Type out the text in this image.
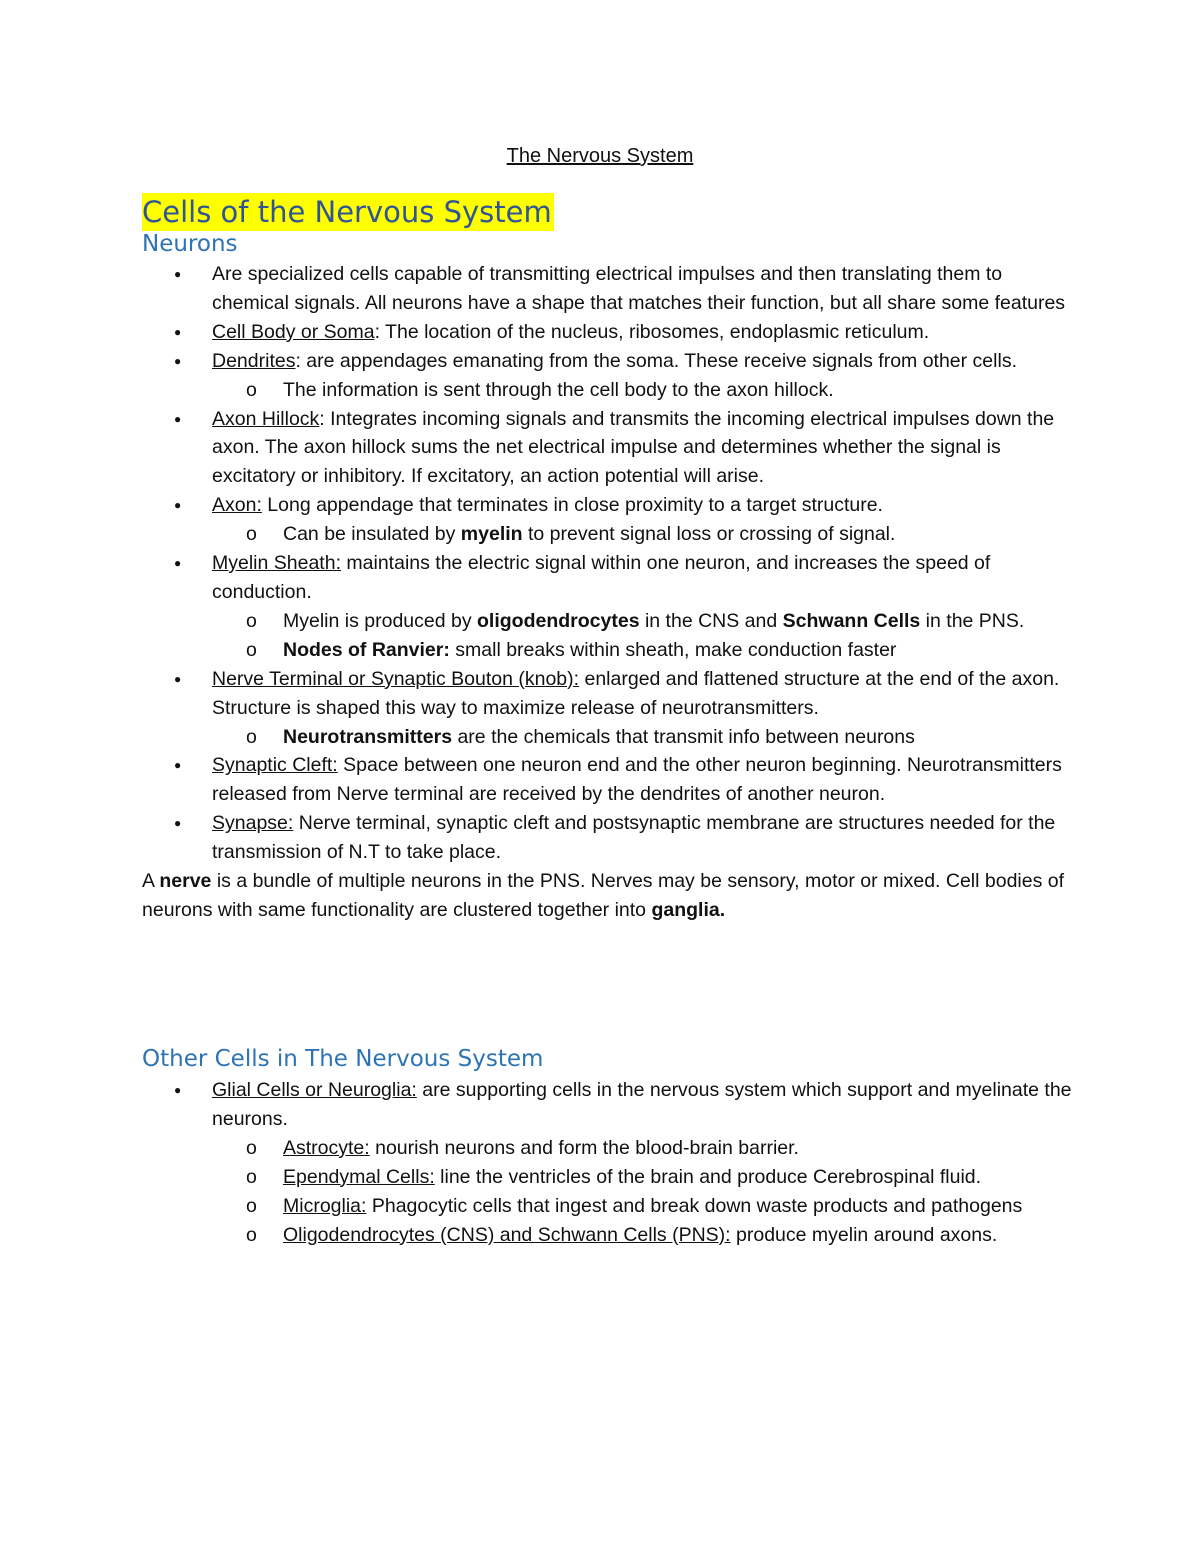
The Nervous System
Cells of the Nervous System
Neurons
●
Are specialized cells capable of transmitting electrical impulses and then translating them to chemical signals. All neurons have a shape that matches their function, but all share some features
●
Cell Body or Soma: The location of the nucleus, ribosomes, endoplasmic reticulum.
●
Dendrites: are appendages emanating from the soma. These receive signals from other cells.
o
The information is sent through the cell body to the axon hillock.
●
Axon Hillock: Integrates incoming signals and transmits the incoming electrical impulses down the axon. The axon hillock sums the net electrical impulse and determines whether the signal is excitatory or inhibitory. If excitatory, an action potential will arise.
●
Axon: Long appendage that terminates in close proximity to a target structure.
o
Can be insulated by myelin to prevent signal loss or crossing of signal.
●
Myelin Sheath: maintains the electric signal within one neuron, and increases the speed of conduction.
o
Myelin is produced by oligodendrocytes in the CNS and Schwann Cells in the PNS.
o
Nodes of Ranvier: small breaks within sheath, make conduction faster
●
Nerve Terminal or Synaptic Bouton (knob): enlarged and flattened structure at the end of the axon. Structure is shaped this way to maximize release of neurotransmitters.
o
Neurotransmitters are the chemicals that transmit info between neurons
●
Synaptic Cleft: Space between one neuron end and the other neuron beginning. Neurotransmitters released from Nerve terminal are received by the dendrites of another neuron.
●
Synapse: Nerve terminal, synaptic cleft and postsynaptic membrane are structures needed for the transmission of N.T to take place.
A nerve is a bundle of multiple neurons in the PNS. Nerves may be sensory, motor or mixed. Cell bodies of neurons with same functionality are clustered together into ganglia.
Other Cells in The Nervous System
●
Glial Cells or Neuroglia: are supporting cells in the nervous system which support and myelinate the neurons.
o
Astrocyte: nourish neurons and form the blood-brain barrier.
o
Ependymal Cells: line the ventricles of the brain and produce Cerebrospinal fluid.
o
Microglia: Phagocytic cells that ingest and break down waste products and pathogens
o
Oligodendrocytes (CNS) and Schwann Cells (PNS): produce myelin around axons.
